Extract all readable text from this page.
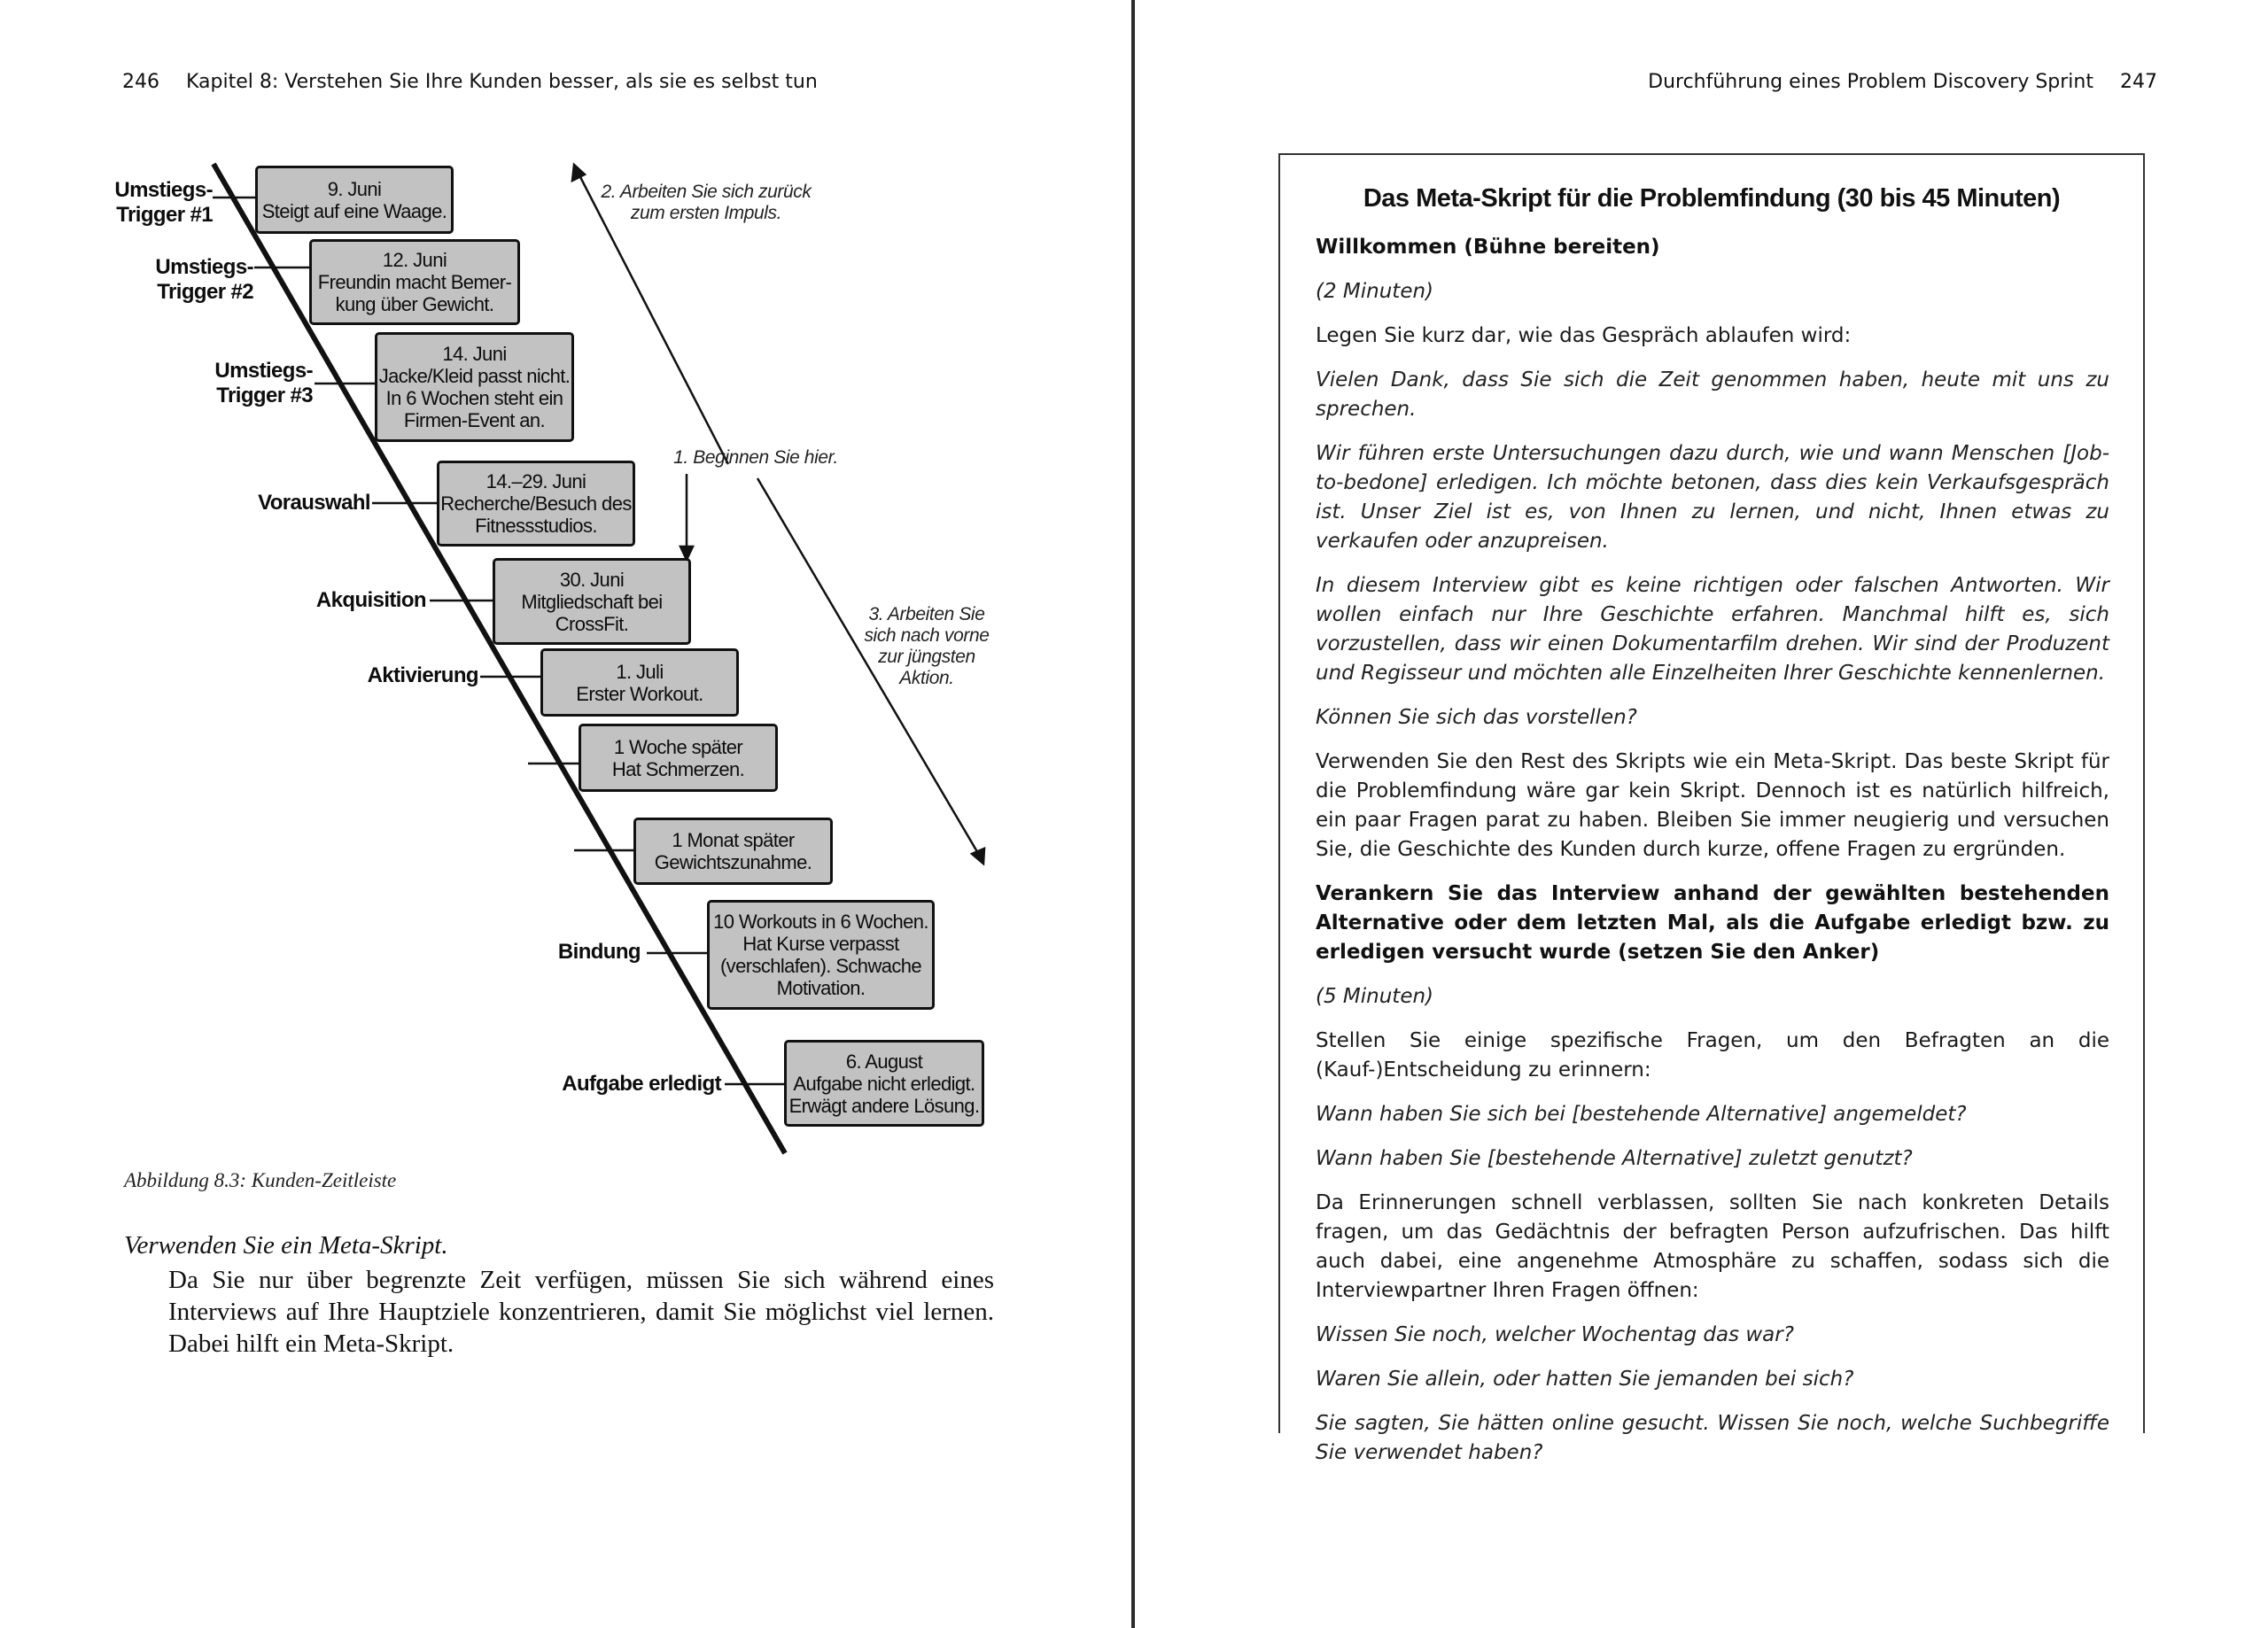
246 Kapitel 8: Verstehen Sie Ihre Kunden besser, als sie es selbst tun
Umstiegs-
Trigger #1
Umstiegs-
Trigger #2
Umstiegs-
Trigger #3
Vorauswahl
Akquisition
Aktivierung
Bindung
Aufgabe erledigt
9. Juni
Steigt auf eine Waage.
12. Juni
Freundin macht Bemer-
kung über Gewicht.
14. Juni
Jacke/Kleid passt nicht.
In 6 Wochen steht ein
Firmen-Event an.
14.–29. Juni
Recherche/Besuch des
Fitnessstudios.
30. Juni
Mitgliedschaft bei
CrossFit.
1. Juli
Erster Workout.
1 Woche später
Hat Schmerzen.
1 Monat später
Gewichtszunahme.
10 Workouts in 6 Wochen.
Hat Kurse verpasst
(verschlafen). Schwache
Motivation.
6. August
Aufgabe nicht erledigt.
Erwägt andere Lösung.
2. Arbeiten Sie sich zurück
zum ersten Impuls.
1. Beginnen Sie hier.
3. Arbeiten Sie
sich nach vorne
zur jüngsten
Aktion.
Abbildung 8.3: Kunden-Zeitleiste
Verwenden Sie ein Meta-Skript.
Da Sie nur über begrenzte Zeit verfügen, müssen Sie sich während eines Interviews auf Ihre Hauptziele konzentrieren, damit Sie möglichst viel lernen. Dabei hilft ein Meta-Skript.
Durchführung eines Problem Discovery Sprint 247
Das Meta-Skript für die Problemfindung (30 bis 45 Minuten)

Willkommen (Bühne bereiten)

(2 Minuten)

Legen Sie kurz dar, wie das Gespräch ablaufen wird:

Vielen Dank, dass Sie sich die Zeit genommen haben, heute mit uns zu sprechen.

Wir führen erste Untersuchungen dazu durch, wie und wann Menschen [Job-to-bedone] erledigen. Ich möchte betonen, dass dies kein Verkaufsgespräch ist. Unser Ziel ist es, von Ihnen zu lernen, und nicht, Ihnen etwas zu verkaufen oder anzupreisen.

In diesem Interview gibt es keine richtigen oder falschen Antworten. Wir wollen einfach nur Ihre Geschichte erfahren. Manchmal hilft es, sich vorzustellen, dass wir einen Dokumentarfilm drehen. Wir sind der Produzent und Regisseur und möchten alle Einzelheiten Ihrer Geschichte kennenlernen.

Können Sie sich das vorstellen?

Verwenden Sie den Rest des Skripts wie ein Meta-Skript. Das beste Skript für die Problemfindung wäre gar kein Skript. Dennoch ist es natürlich hilfreich, ein paar Fragen parat zu haben. Bleiben Sie immer neugierig und versuchen Sie, die Geschichte des Kunden durch kurze, offene Fragen zu ergründen.

Verankern Sie das Interview anhand der gewählten bestehenden Alternative oder dem letzten Mal, als die Aufgabe erledigt bzw. zu erledigen versucht wurde (setzen Sie den Anker)

(5 Minuten)

Stellen Sie einige spezifische Fragen, um den Befragten an die (Kauf-)Entscheidung zu erinnern:

Wann haben Sie sich bei [bestehende Alternative] angemeldet?

Wann haben Sie [bestehende Alternative] zuletzt genutzt?

Da Erinnerungen schnell verblassen, sollten Sie nach konkreten Details fragen, um das Gedächtnis der befragten Person aufzufrischen. Das hilft auch dabei, eine angenehme Atmosphäre zu schaffen, sodass sich die Interviewpartner Ihren Fragen öffnen:

Wissen Sie noch, welcher Wochentag das war?

Waren Sie allein, oder hatten Sie jemanden bei sich?

Sie sagten, Sie hätten online gesucht. Wissen Sie noch, welche Suchbegriffe Sie verwendet haben?
